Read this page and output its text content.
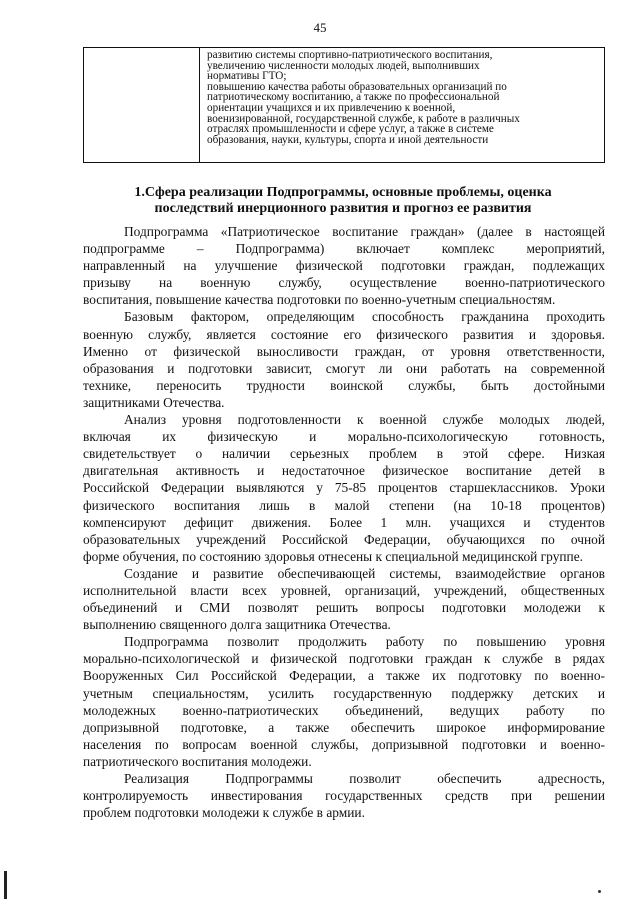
45
развитию системы спортивно-патриотического воспитания,
увеличению численности молодых людей, выполнивших
нормативы ГТО;
повышению качества работы образовательных организаций по
патриотическому воспитанию, а также по профессиональной
ориентации учащихся и их привлечению к военной,
военизированной, государственной службе, к работе в различных
отраслях промышленности и сфере услуг, а также в системе
образования, науки, культуры, спорта и иной деятельности
1.Сфера реализации Подпрограммы, основные проблемы, оценка
последствий инерционного развития и прогноз ее развития
Подпрограмма «Патриотическое воспитание граждан» (далее в настоящей
подпрограмме – Подпрограмма) включает комплекс мероприятий,
направленный на улучшение физической подготовки граждан, подлежащих
призыву на военную службу, осуществление военно-патриотического
воспитания, повышение качества подготовки по военно-учетным специальностям.
Базовым фактором, определяющим способность гражданина проходить
военную службу, является состояние его физического развития и здоровья.
Именно от физической выносливости граждан, от уровня ответственности,
образования и подготовки зависит, смогут ли они работать на современной
технике, переносить трудности воинской службы, быть достойными
защитниками Отечества.
Анализ уровня подготовленности к военной службе молодых людей,
включая их физическую и морально-психологическую готовность,
свидетельствует о наличии серьезных проблем в этой сфере. Низкая
двигательная активность и недостаточное физическое воспитание детей в
Российской Федерации выявляются у 75-85 процентов старшеклассников. Уроки
физического воспитания лишь в малой степени (на 10-18 процентов)
компенсируют дефицит движения. Более 1 млн. учащихся и студентов
образовательных учреждений Российской Федерации, обучающихся по очной
форме обучения, по состоянию здоровья отнесены к специальной медицинской группе.
Создание и развитие обеспечивающей системы, взаимодействие органов
исполнительной власти всех уровней, организаций, учреждений, общественных
объединений и СМИ позволят решить вопросы подготовки молодежи к
выполнению священного долга защитника Отечества.
Подпрограмма позволит продолжить работу по повышению уровня
морально-психологической и физической подготовки граждан к службе в рядах
Вооруженных Сил Российской Федерации, а также их подготовку по военно-
учетным специальностям, усилить государственную поддержку детских и
молодежных военно-патриотических объединений, ведущих работу по
допризывной подготовке, а также обеспечить широкое информирование
населения по вопросам военной службы, допризывной подготовки и военно-
патриотического воспитания молодежи.
Реализация Подпрограммы позволит обеспечить адресность,
контролируемость инвестирования государственных средств при решении
проблем подготовки молодежи к службе в армии.
